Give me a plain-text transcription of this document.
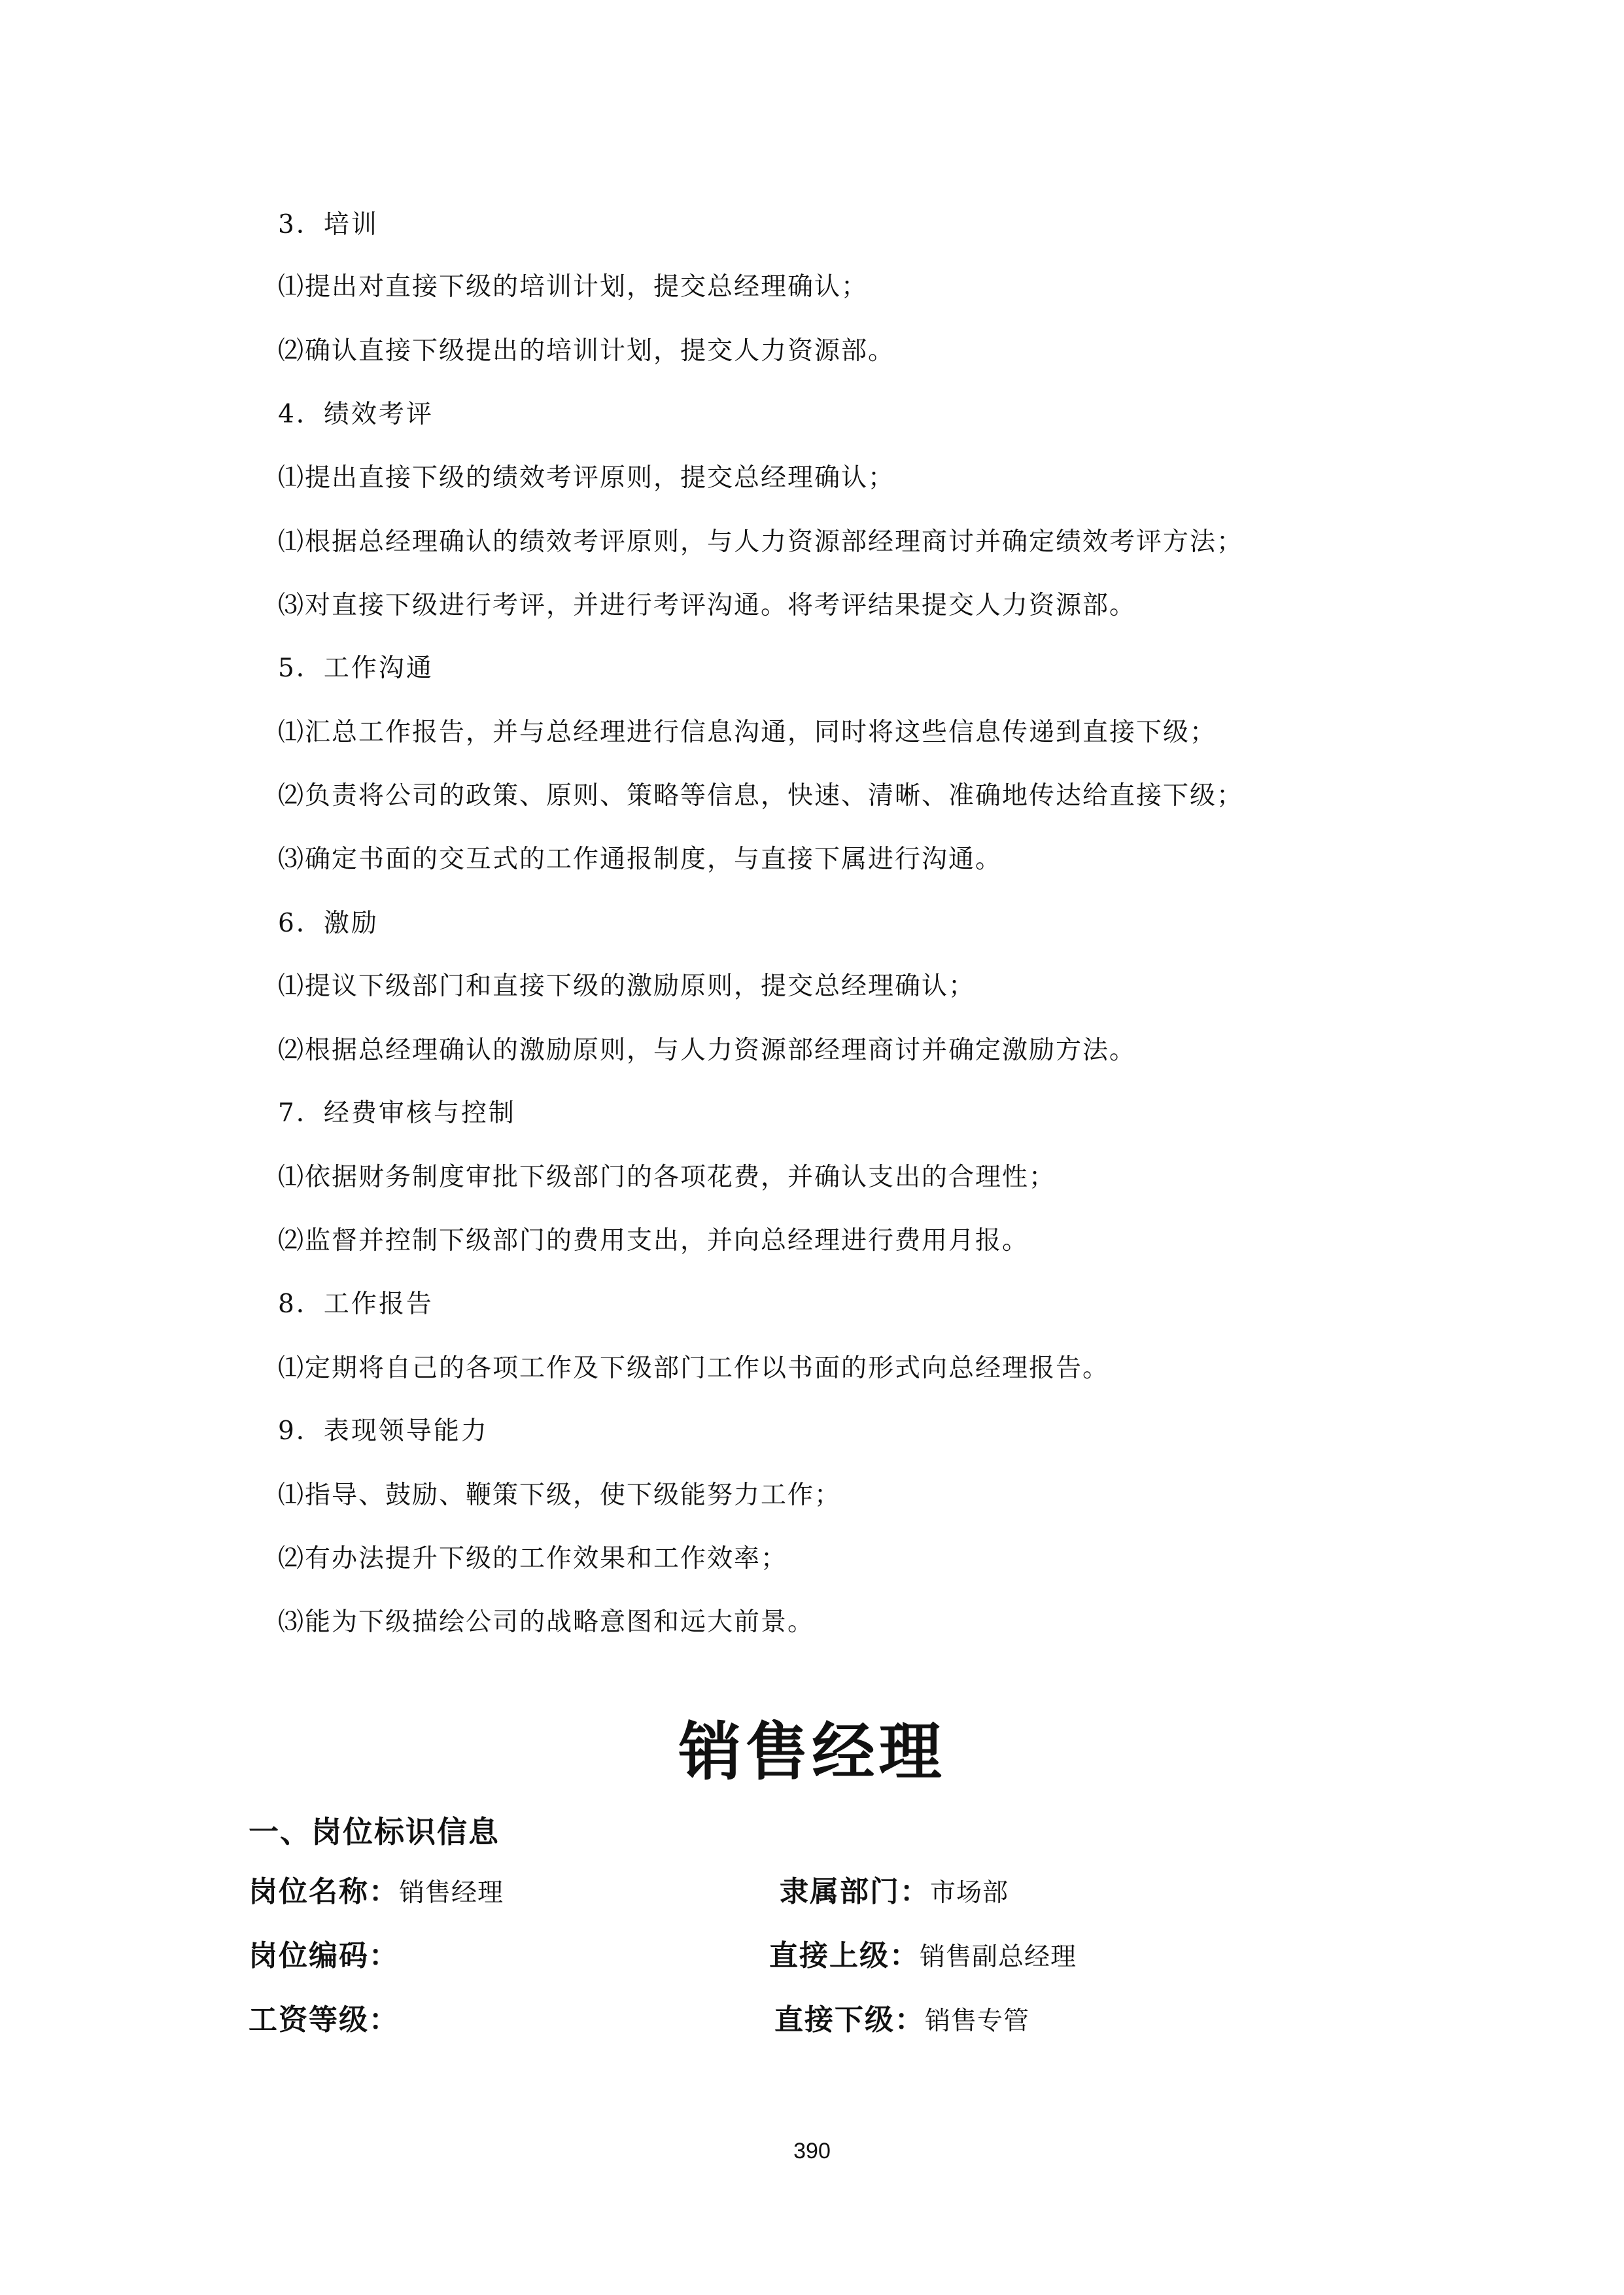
3．培训
⑴提出对直接下级的培训计划，提交总经理确认；
⑵确认直接下级提出的培训计划，提交人力资源部。
4．绩效考评
⑴提出直接下级的绩效考评原则，提交总经理确认；
⑴根据总经理确认的绩效考评原则，与人力资源部经理商讨并确定绩效考评方法；
⑶对直接下级进行考评，并进行考评沟通。将考评结果提交人力资源部。
5．工作沟通
⑴汇总工作报告，并与总经理进行信息沟通，同时将这些信息传递到直接下级；
⑵负责将公司的政策、原则、策略等信息，快速、清晰、准确地传达给直接下级；
⑶确定书面的交互式的工作通报制度，与直接下属进行沟通。
6．激励
⑴提议下级部门和直接下级的激励原则，提交总经理确认；
⑵根据总经理确认的激励原则，与人力资源部经理商讨并确定激励方法。
7．经费审核与控制
⑴依据财务制度审批下级部门的各项花费，并确认支出的合理性；
⑵监督并控制下级部门的费用支出，并向总经理进行费用月报。
8．工作报告
⑴定期将自己的各项工作及下级部门工作以书面的形式向总经理报告。
9．表现领导能力
⑴指导、鼓励、鞭策下级，使下级能努力工作；
⑵有办法提升下级的工作效果和工作效率；
⑶能为下级描绘公司的战略意图和远大前景。
销售经理
一、岗位标识信息
岗位名称：销售经理	隶属部门：市场部
岗位编码：	直接上级：销售副总经理
工资等级：	直接下级：销售专管
390
